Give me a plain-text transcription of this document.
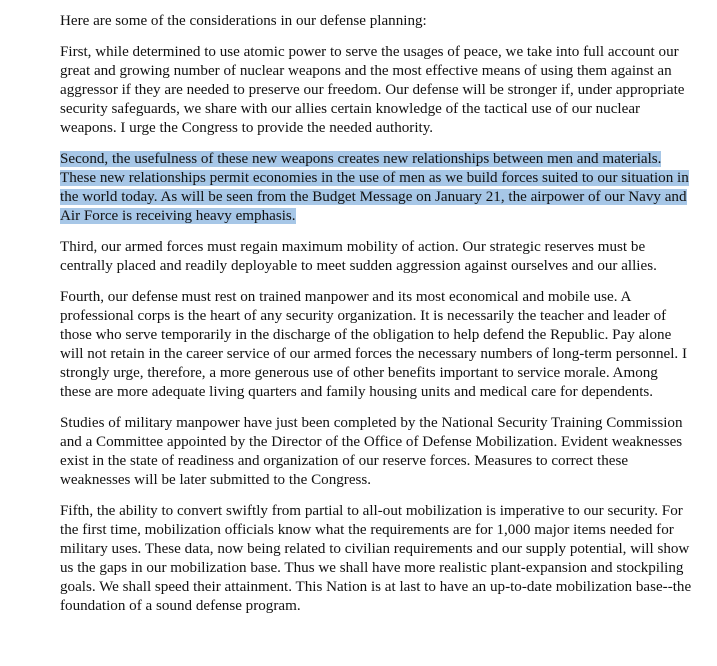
Here are some of the considerations in our defense planning:

First, while determined to use atomic power to serve the usages of peace, we take into full account our great and growing number of nuclear weapons and the most effective means of using them against an aggressor if they are needed to preserve our freedom. Our defense will be stronger if, under appropriate security safeguards, we share with our allies certain knowledge of the tactical use of our nuclear weapons. I urge the Congress to provide the needed authority.

Second, the usefulness of these new weapons creates new relationships between men and materials. These new relationships permit economies in the use of men as we build forces suited to our situation in the world today. As will be seen from the Budget Message on January 21, the airpower of our Navy and Air Force is receiving heavy emphasis.

Third, our armed forces must regain maximum mobility of action. Our strategic reserves must be centrally placed and readily deployable to meet sudden aggression against ourselves and our allies.

Fourth, our defense must rest on trained manpower and its most economical and mobile use. A professional corps is the heart of any security organization. It is necessarily the teacher and leader of those who serve temporarily in the discharge of the obligation to help defend the Republic. Pay alone will not retain in the career service of our armed forces the necessary numbers of long-term personnel. I strongly urge, therefore, a more generous use of other benefits important to service morale. Among these are more adequate living quarters and family housing units and medical care for dependents.

Studies of military manpower have just been completed by the National Security Training Commission and a Committee appointed by the Director of the Office of Defense Mobilization. Evident weaknesses exist in the state of readiness and organization of our reserve forces. Measures to correct these weaknesses will be later submitted to the Congress.

Fifth, the ability to convert swiftly from partial to all-out mobilization is imperative to our security. For the first time, mobilization officials know what the requirements are for 1,000 major items needed for military uses. These data, now being related to civilian requirements and our supply potential, will show us the gaps in our mobilization base. Thus we shall have more realistic plant-expansion and stockpiling goals. We shall speed their attainment. This Nation is at last to have an up-to-date mobilization base--the foundation of a sound defense program.
